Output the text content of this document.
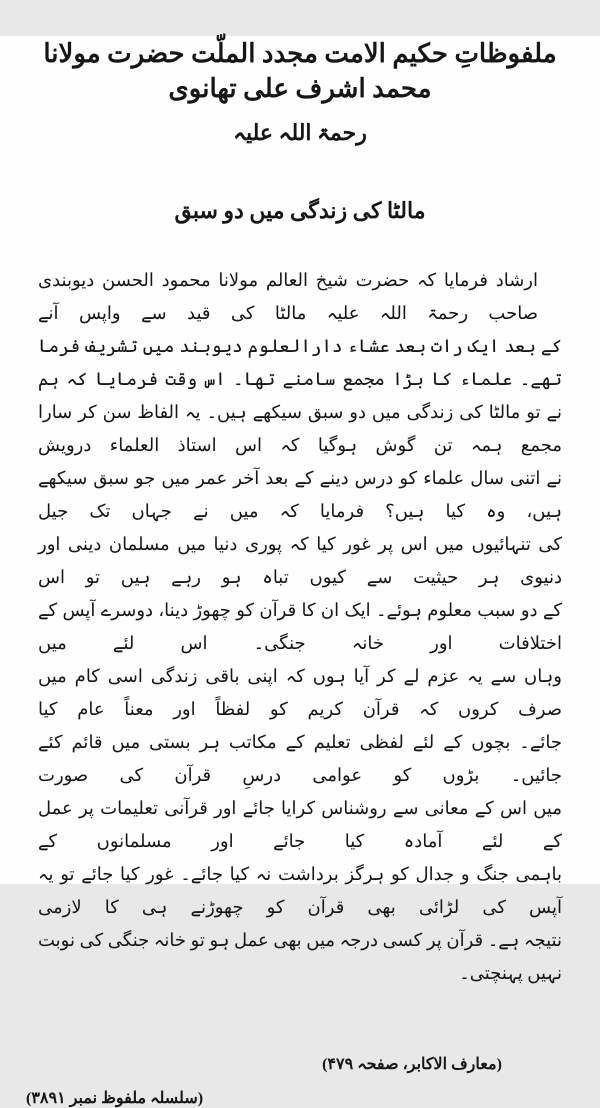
ملفوظاتِ حکیم الامت مجدد الملّت حضرت مولانا محمد اشرف علی تھانوی
رحمۃ اللہ علیہ
مالٹا کی زندگی میں دو سبق
ارشاد فرمایا کہ حضرت شیخ العالم مولانا محمود الحسن دیوبندی صاحب رحمۃ اللہ علیہ مالٹا کی قید سے واپس آنے
کے بعد ایک رات بعد عشاء دارالعلوم دیوبند میں تشریف فرما تھے۔ علماء کا بڑا مجمع سامنے تھا۔ اس وقت فرمایا کہ ہم
نے تو مالٹا کی زندگی میں دو سبق سیکھے ہیں۔ یہ الفاظ سن کر سارا مجمع ہمہ تن گوش ہوگیا کہ اس استاذ العلماء درویش
نے اتنی سال علماء کو درس دینے کے بعد آخر عمر میں جو سبق سیکھے ہیں، وہ کیا ہیں؟ فرمایا کہ میں نے جہاں تک جیل
کی تنہائیوں میں اس پر غور کیا کہ پوری دنیا میں مسلمان دینی اور دنیوی ہر حیثیت سے کیوں تباہ ہو رہے ہیں تو اس
کے دو سبب معلوم ہوئے۔ ایک ان کا قرآن کو چھوڑ دینا، دوسرے آپس کے اختلافات اور خانہ جنگی۔ اس لئے میں
وہاں سے یہ عزم لے کر آیا ہوں کہ اپنی باقی زندگی اسی کام میں صرف کروں کہ قرآن کریم کو لفظاً اور معناً عام کیا
جائے۔ بچوں کے لئے لفظی تعلیم کے مکاتب ہر بستی میں قائم کئے جائیں۔ بڑوں کو عوامی درسِ قرآن کی صورت
میں اس کے معانی سے روشناس کرایا جائے اور قرآنی تعلیمات پر عمل کے لئے آمادہ کیا جائے اور مسلمانوں کے
باہمی جنگ و جدال کو ہرگز برداشت نہ کیا جائے۔ غور کیا جائے تو یہ آپس کی لڑائی بھی قرآن کو چھوڑنے ہی کا لازمی
نتیجہ ہے۔ قرآن پر کسی درجہ میں بھی عمل ہو تو خانہ جنگی کی نوبت نہیں پہنچتی۔
(معارف الاکابر، صفحہ ۴۷۹)
(سلسلہ ملفوظ نمبر ۳۸۹۱)
